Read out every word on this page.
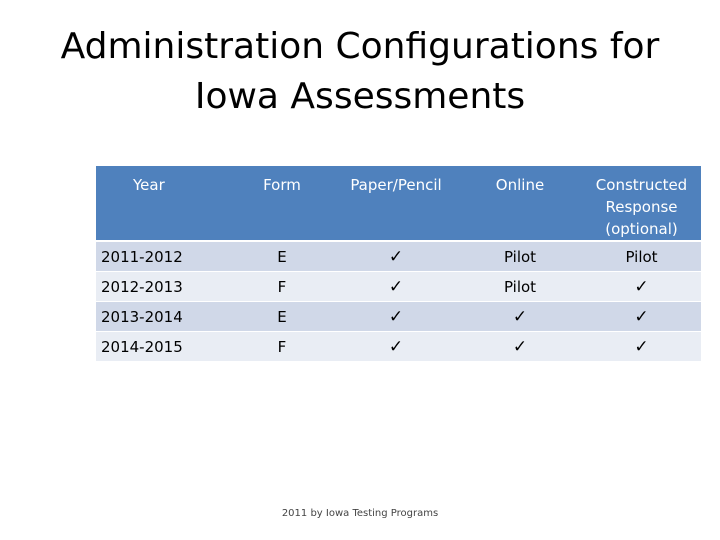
Administration Configurations for
Iowa Assessments
Year	Form	Paper/Pencil	Online	Constructed
Response
(optional)
2011-2012	E	✓	Pilot	Pilot
2012-2013	F	✓	Pilot	✓
2013-2014	E	✓	✓	✓
2014-2015	F	✓	✓	✓
2011 by Iowa Testing Programs
